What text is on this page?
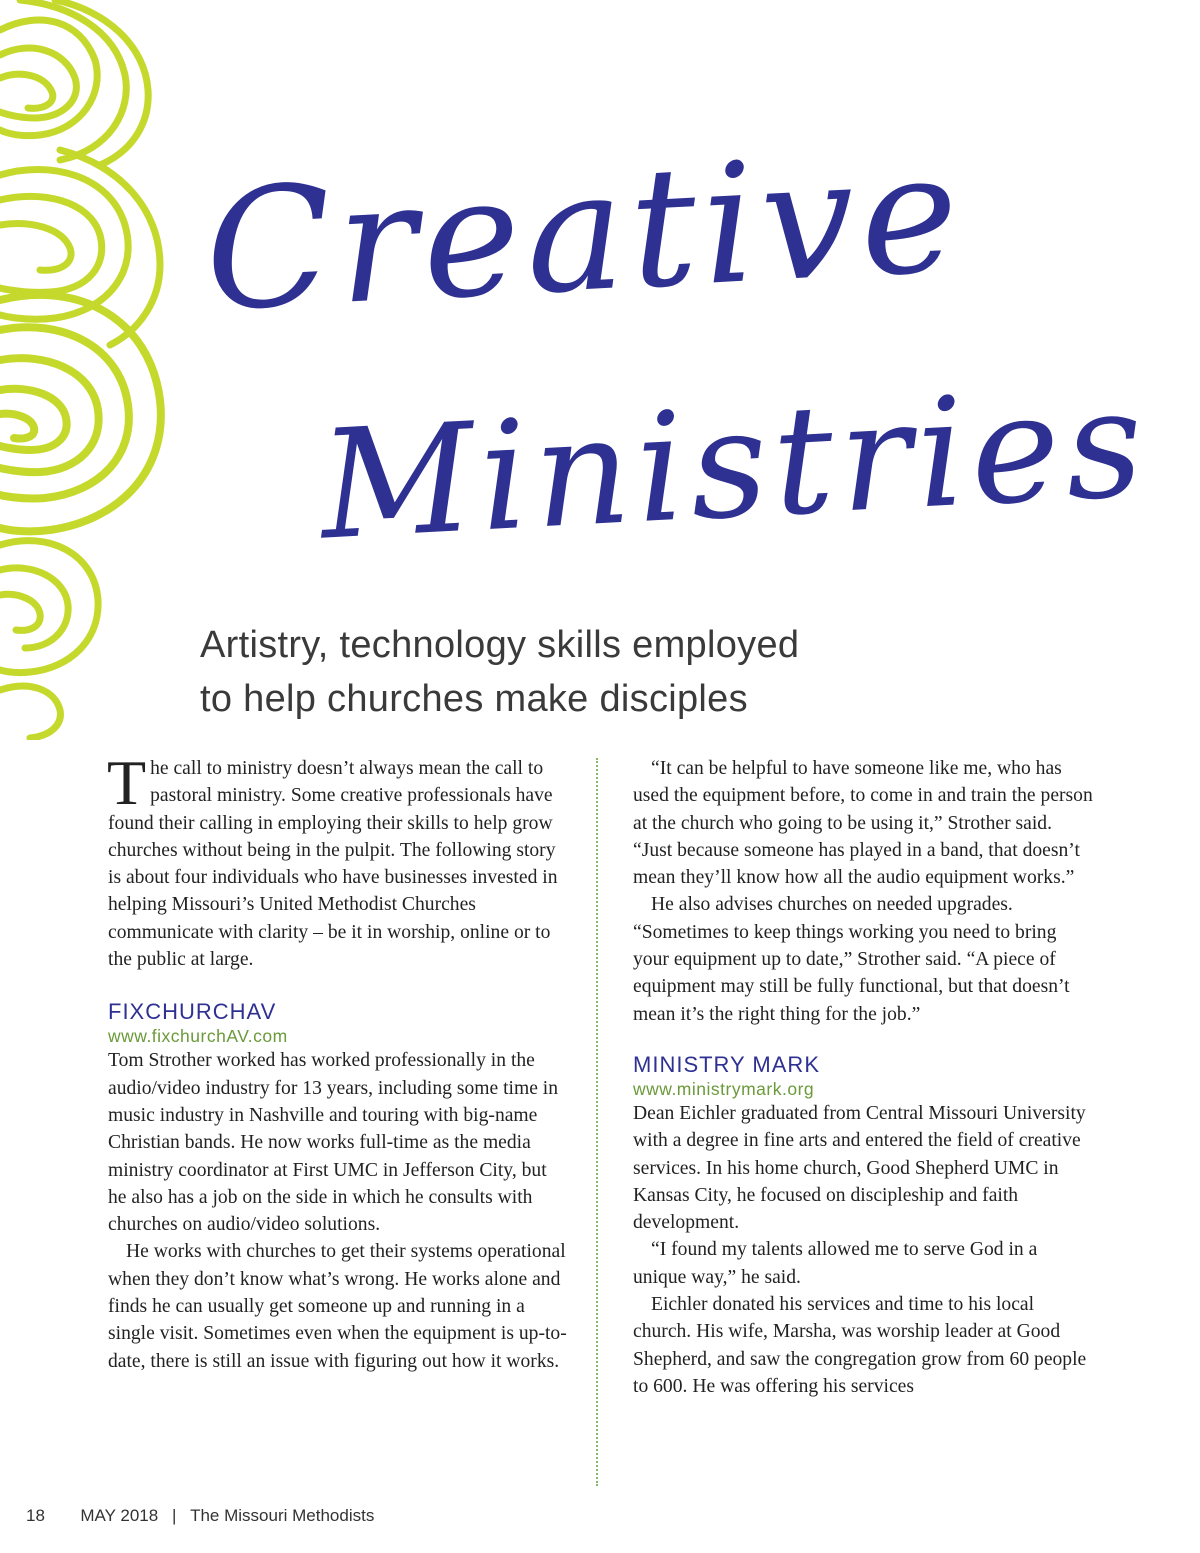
Creative
Ministries
Artistry, technology skills employed
to help churches make disciples

The call to ministry doesn’t always mean the call to pastoral ministry. Some creative professionals have found their calling in employing their skills to help grow churches without being in the pulpit. The following story is about four individuals who have businesses invested in helping Missouri’s United Methodist Churches communicate with clarity – be it in worship, online or to the public at large.

FIXCHURCHAV

www.fixchurchAV.com

Tom Strother worked has worked professionally in the audio/video industry for 13 years, including some time in music industry in Nashville and touring with big-name Christian bands. He now works full-time as the media ministry coordinator at First UMC in Jefferson City, but he also has a job on the side in which he consults with churches on audio/video solutions.

He works with churches to get their systems operational when they don’t know what’s wrong. He works alone and finds he can usually get someone up and running in a single visit. Sometimes even when the equipment is up-to-date, there is still an issue with figuring out how it works.

“It can be helpful to have someone like me, who has used the equipment before, to come in and train the person at the church who going to be using it,” Strother said. “Just because someone has played in a band, that doesn’t mean they’ll know how all the audio equipment works.”

He also advises churches on needed upgrades. “Sometimes to keep things working you need to bring your equipment up to date,” Strother said. “A piece of equipment may still be fully functional, but that doesn’t mean it’s the right thing for the job.”

MINISTRY MARK

www.ministrymark.org

Dean Eichler graduated from Central Missouri University with a degree in fine arts and entered the field of creative services. In his home church, Good Shepherd UMC in Kansas City, he focused on discipleship and faith development.

“I found my talents allowed me to serve God in a unique way,” he said.

Eichler donated his services and time to his local church. His wife, Marsha, was worship leader at Good Shepherd, and saw the congregation grow from 60 people to 600. He was offering his services

18 MAY 2018 | The Missouri Methodists
